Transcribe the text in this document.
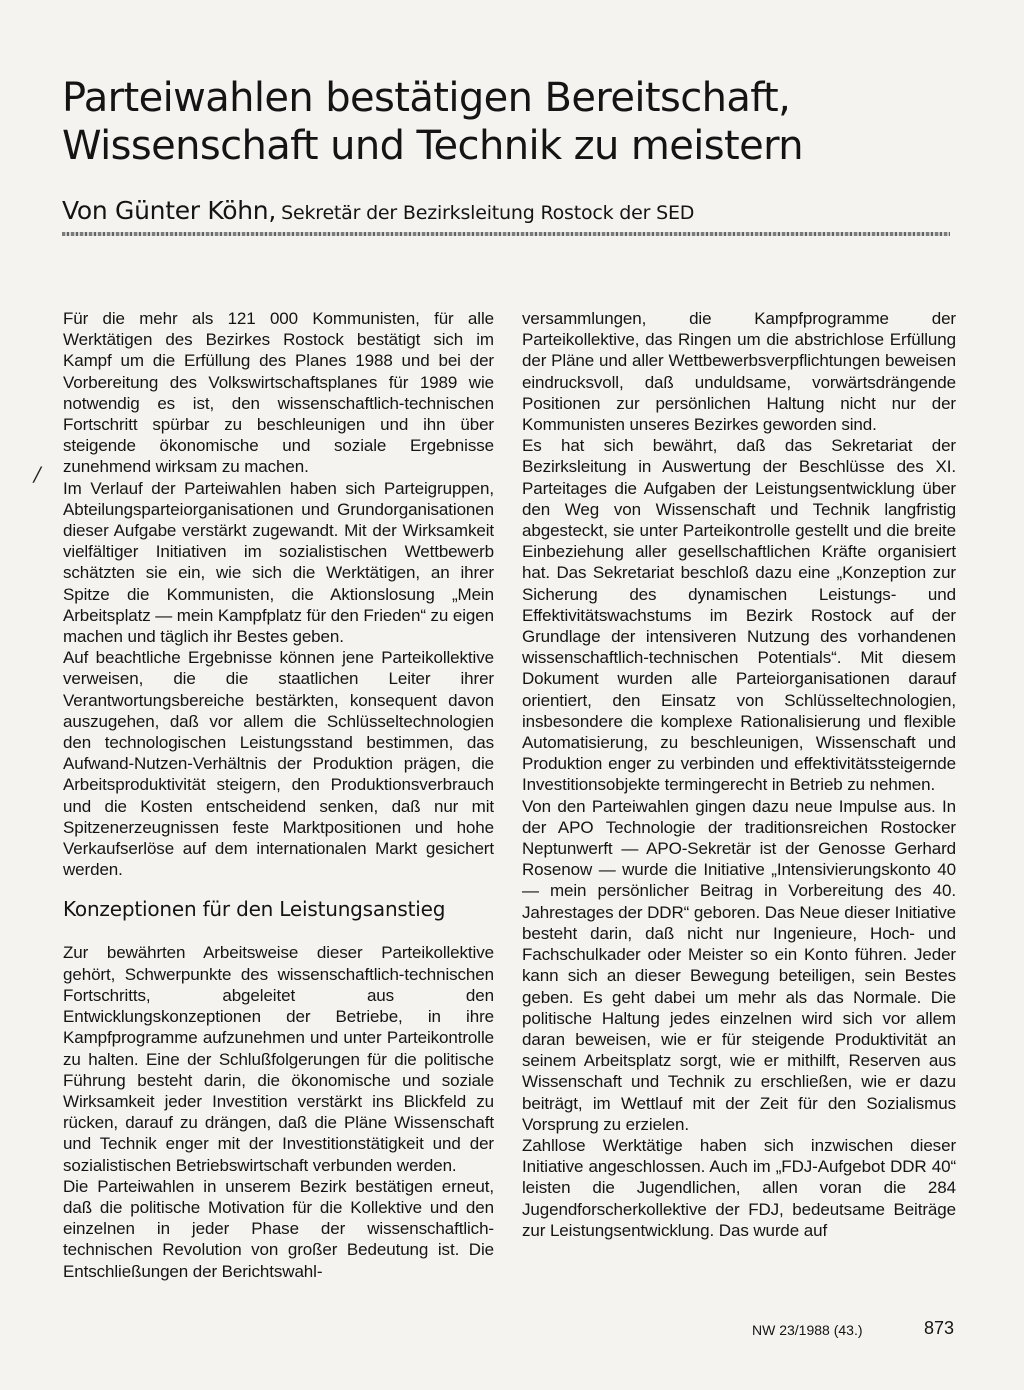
Parteiwahlen bestätigen Bereitschaft,
Wissenschaft und Technik zu meistern
Von Günter Köhn, Sekretär der Bezirksleitung Rostock der SED
/

Für die mehr als 121 000 Kommunisten, für alle Werktätigen des Bezirkes Rostock bestätigt sich im Kampf um die Erfüllung des Planes 1988 und bei der Vorbereitung des Volkswirtschaftsplanes für 1989 wie notwendig es ist, den wissenschaftlich-technischen Fortschritt spürbar zu beschleunigen und ihn über steigende ökonomische und soziale Ergebnisse zunehmend wirksam zu machen.

Im Verlauf der Parteiwahlen haben sich Parteigruppen, Abteilungsparteiorganisationen und Grundorganisationen dieser Aufgabe verstärkt zugewandt. Mit der Wirksamkeit vielfältiger Initiativen im sozialistischen Wettbewerb schätzten sie ein, wie sich die Werktätigen, an ihrer Spitze die Kommunisten, die Aktionslosung „Mein Arbeitsplatz — mein Kampfplatz für den Frieden“ zu eigen machen und täglich ihr Bestes geben.

Auf beachtliche Ergebnisse können jene Parteikollektive verweisen, die die staatlichen Leiter ihrer Verantwortungsbereiche bestärkten, konsequent davon auszugehen, daß vor allem die Schlüsseltechnologien den technologischen Leistungsstand bestimmen, das Aufwand-Nutzen-Verhältnis der Produktion prägen, die Arbeitsproduktivität steigern, den Produktionsverbrauch und die Kosten entscheidend senken, daß nur mit Spitzenerzeugnissen feste Marktpositionen und hohe Verkaufserlöse auf dem internationalen Markt gesichert werden.

Konzeptionen für den Leistungsanstieg

Zur bewährten Arbeitsweise dieser Parteikollektive gehört, Schwerpunkte des wissenschaftlich-technischen Fortschritts, abgeleitet aus den Entwicklungskonzeptionen der Betriebe, in ihre Kampfprogramme aufzunehmen und unter Parteikontrolle zu halten. Eine der Schlußfolgerungen für die politische Führung besteht darin, die ökonomische und soziale Wirksamkeit jeder Investition verstärkt ins Blickfeld zu rücken, darauf zu drängen, daß die Pläne Wissenschaft und Technik enger mit der Investitionstätigkeit und der sozialistischen Betriebswirtschaft verbunden werden.

Die Parteiwahlen in unserem Bezirk bestätigen erneut, daß die politische Motivation für die Kollektive und den einzelnen in jeder Phase der wissenschaftlich-technischen Revolution von großer Bedeutung ist. Die Entschließungen der Berichtswahl-

versammlungen, die Kampfprogramme der Parteikollektive, das Ringen um die abstrichlose Erfüllung der Pläne und aller Wettbewerbsverpflichtungen beweisen eindrucksvoll, daß unduldsame, vorwärtsdrängende Positionen zur persönlichen Haltung nicht nur der Kommunisten unseres Bezirkes geworden sind.

Es hat sich bewährt, daß das Sekretariat der Bezirksleitung in Auswertung der Beschlüsse des XI. Parteitages die Aufgaben der Leistungsentwicklung über den Weg von Wissenschaft und Technik langfristig abgesteckt, sie unter Parteikontrolle gestellt und die breite Einbeziehung aller gesellschaftlichen Kräfte organisiert hat. Das Sekretariat beschloß dazu eine „Konzeption zur Sicherung des dynamischen Leistungs- und Effektivitätswachstums im Bezirk Rostock auf der Grundlage der intensiveren Nutzung des vorhandenen wissenschaftlich-technischen Potentials“. Mit diesem Dokument wurden alle Parteiorganisationen darauf orientiert, den Einsatz von Schlüsseltechnologien, insbesondere die komplexe Rationalisierung und flexible Automatisierung, zu beschleunigen, Wissenschaft und Produktion enger zu verbinden und effektivitätssteigernde Investitionsobjekte termingerecht in Betrieb zu nehmen.

Von den Parteiwahlen gingen dazu neue Impulse aus. In der APO Technologie der traditionsreichen Rostocker Neptunwerft — APO-Sekretär ist der Genosse Gerhard Rosenow — wurde die Initiative „Intensivierungskonto 40 — mein persönlicher Beitrag in Vorbereitung des 40. Jahrestages der DDR“ geboren. Das Neue dieser Initiative besteht darin, daß nicht nur Ingenieure, Hoch- und Fachschulkader oder Meister so ein Konto führen. Jeder kann sich an dieser Bewegung beteiligen, sein Bestes geben. Es geht dabei um mehr als das Normale. Die politische Haltung jedes einzelnen wird sich vor allem daran beweisen, wie er für steigende Produktivität an seinem Arbeitsplatz sorgt, wie er mithilft, Reserven aus Wissenschaft und Technik zu erschließen, wie er dazu beiträgt, im Wettlauf mit der Zeit für den Sozialismus Vorsprung zu erzielen.

Zahllose Werktätige haben sich inzwischen dieser Initiative angeschlossen. Auch im „FDJ-Aufgebot DDR 40“ leisten die Jugendlichen, allen voran die 284 Jugendforscherkollektive der FDJ, bedeutsame Beiträge zur Leistungsentwicklung. Das wurde auf

NW 23/1988 (43.)	873
